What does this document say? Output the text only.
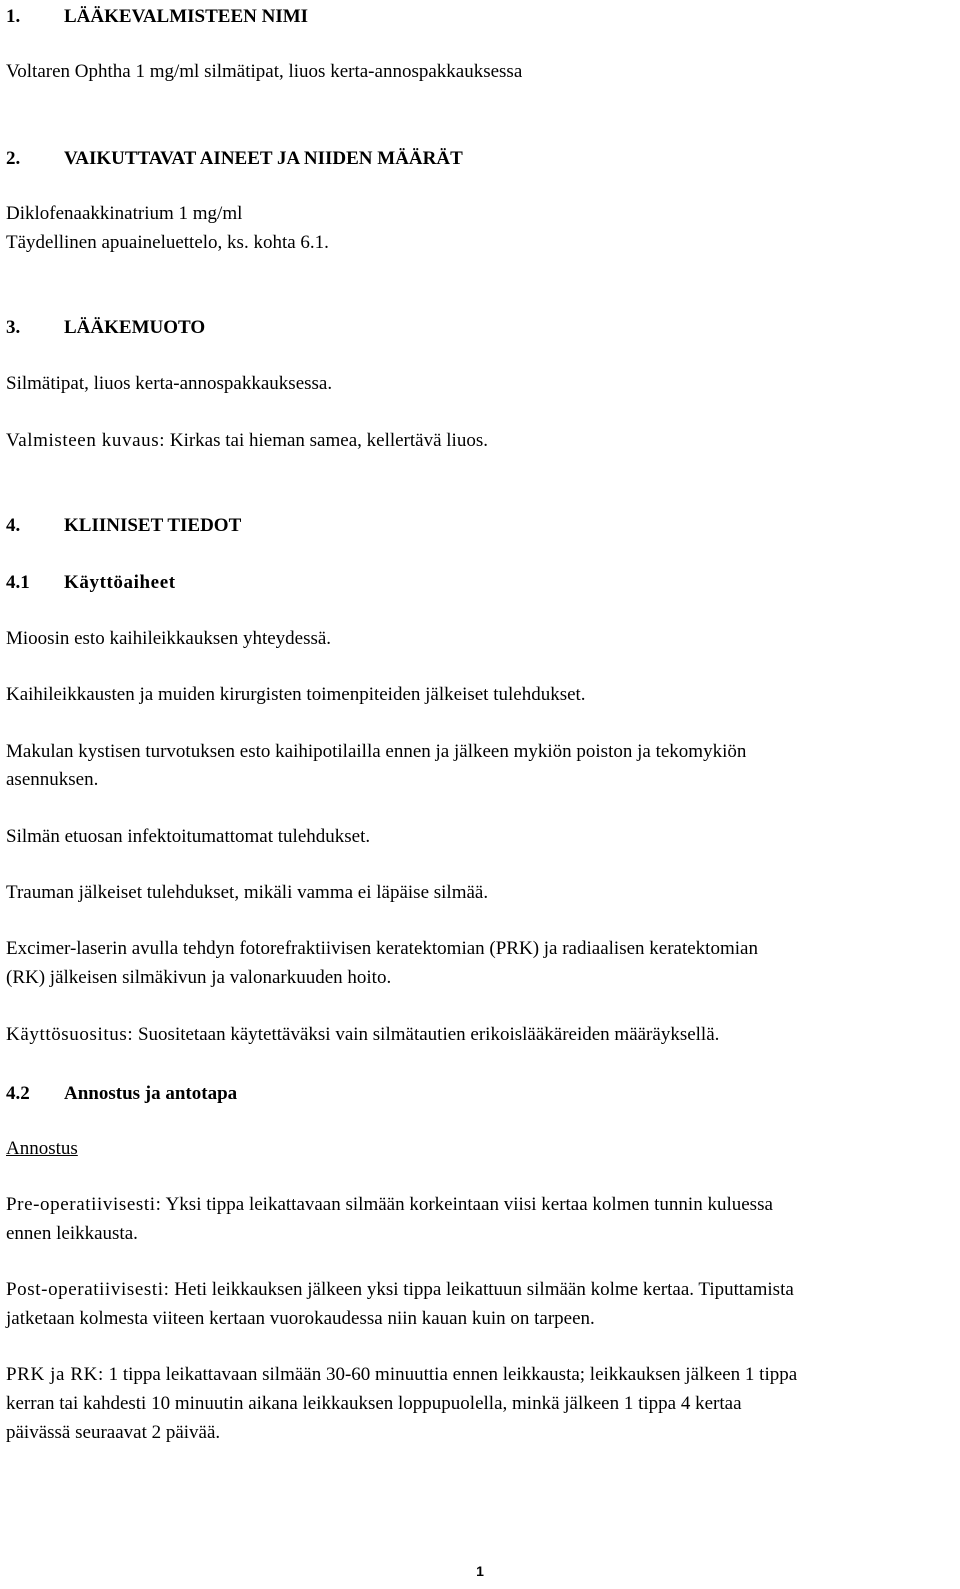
1. LÄÄKEVALMISTEEN NIMI
Voltaren Ophtha 1 mg/ml silmätipat, liuos kerta-annospakkauksessa
2. VAIKUTTAVAT AINEET JA NIIDEN MÄÄRÄT
Diklofenaakkinatrium 1 mg/ml
Täydellinen apuaineluettelo, ks. kohta 6.1.
3. LÄÄKEMUOTO
Silmätipat, liuos kerta-annospakkauksessa.
Valmisteen kuvaus: Kirkas tai hieman samea, kellertävä liuos.
4. KLIINISET TIEDOT
4.1 Käyttöaiheet
Mioosin esto kaihileikkauksen yhteydessä.
Kaihileikkausten ja muiden kirurgisten toimenpiteiden jälkeiset tulehdukset.
Makulan kystisen turvotuksen esto kaihipotilailla ennen ja jälkeen mykiön poiston ja tekomykiön
asennuksen.
Silmän etuosan infektoitumattomat tulehdukset.
Trauman jälkeiset tulehdukset, mikäli vamma ei läpäise silmää.
Excimer-laserin avulla tehdyn fotorefraktiivisen keratektomian (PRK) ja radiaalisen keratektomian
(RK) jälkeisen silmäkivun ja valonarkuuden hoito.
Käyttösuositus: Suositetaan käytettäväksi vain silmätautien erikoislääkäreiden määräyksellä.
4.2 Annostus ja antotapa
Annostus
Pre-operatiivisesti: Yksi tippa leikattavaan silmään korkeintaan viisi kertaa kolmen tunnin kuluessa
ennen leikkausta.
Post-operatiivisesti: Heti leikkauksen jälkeen yksi tippa leikattuun silmään kolme kertaa. Tiputtamista
jatketaan kolmesta viiteen kertaan vuorokaudessa niin kauan kuin on tarpeen.
PRK ja RK: 1 tippa leikattavaan silmään 30-60 minuuttia ennen leikkausta; leikkauksen jälkeen 1 tippa
kerran tai kahdesti 10 minuutin aikana leikkauksen loppupuolella, minkä jälkeen 1 tippa 4 kertaa
päivässä seuraavat 2 päivää.
1
